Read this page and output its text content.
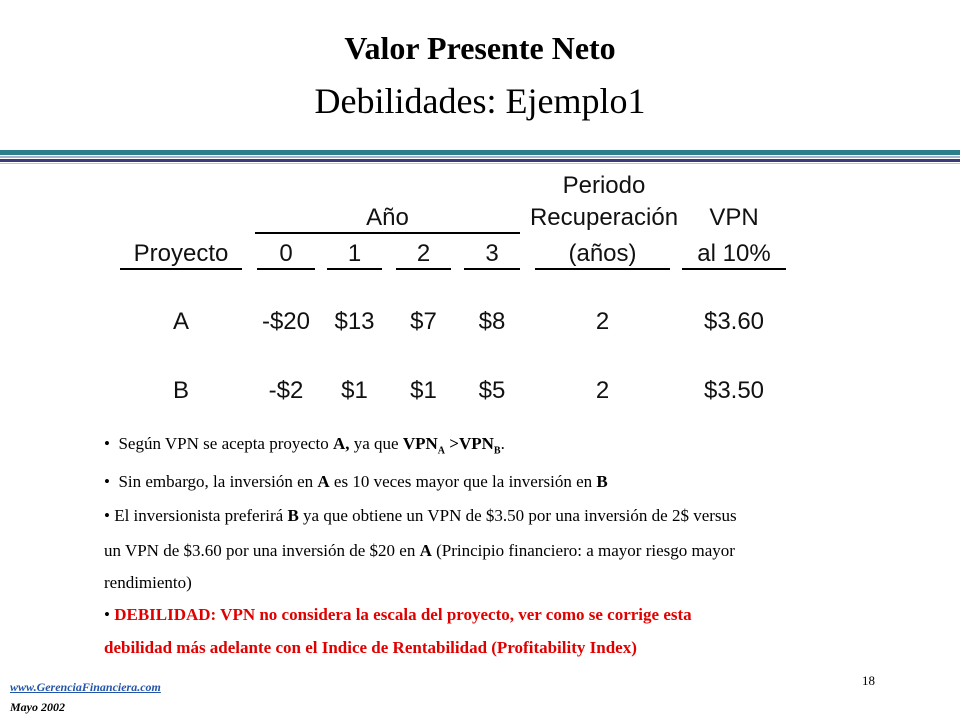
Valor Presente Neto
Debilidades: Ejemplo1
Periodo
Año	Recuperación	VPN
Proyecto	0	1	2	3	(años)	al 10%
A	-$20	$13	$7	$8	2	$3.60
B	-$2	$1	$1	$5	2	$3.50
• Según VPN se acepta proyecto A, ya que $VPN_A >VPN_B$.
• Sin embargo, la inversión en A es 10 veces mayor que la inversión en B
• El inversionista preferirá B ya que obtiene un VPN de $3.50 por una inversión de 2$ versus
un VPN de $3.60 por una inversión de $20 en A (Principio financiero: a mayor riesgo mayor
rendimiento)
• DEBILIDAD: VPN no considera la escala del proyecto, ver como se corrige esta
debilidad más adelante con el Indice de Rentabilidad (Profitability Index)
www.GerenciaFinanciera.com
Mayo 2002
18
